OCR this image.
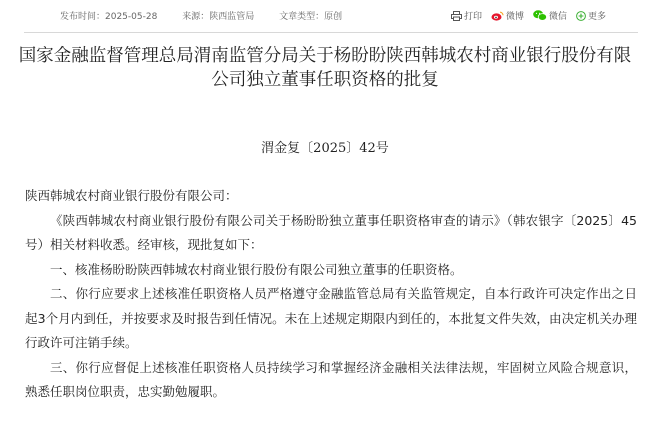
发布时间：2025-05-28	来源：陕西监管局	文章类型：原创	打印	微博	微信 更多
国家金融监督管理总局渭南监管分局关于杨盼盼陕西韩城农村商业银行股份有限公司独立董事任职资格的批复
渭金复〔2025〕42号

陕西韩城农村商业银行股份有限公司：

《陕西韩城农村商业银行股份有限公司关于杨盼盼独立董事任职资格审查的请示》（韩农银字〔2025〕45号）相关材料收悉。经审核，现批复如下：

一、核准杨盼盼陕西韩城农村商业银行股份有限公司独立董事的任职资格。

二、你行应要求上述核准任职资格人员严格遵守金融监管总局有关监管规定，自本行政许可决定作出之日起3个月内到任，并按要求及时报告到任情况。未在上述规定期限内到任的，本批复文件失效，由决定机关办理行政许可注销手续。

三、你行应督促上述核准任职资格人员持续学习和掌握经济金融相关法律法规，牢固树立风险合规意识，熟悉任职岗位职责，忠实勤勉履职。
